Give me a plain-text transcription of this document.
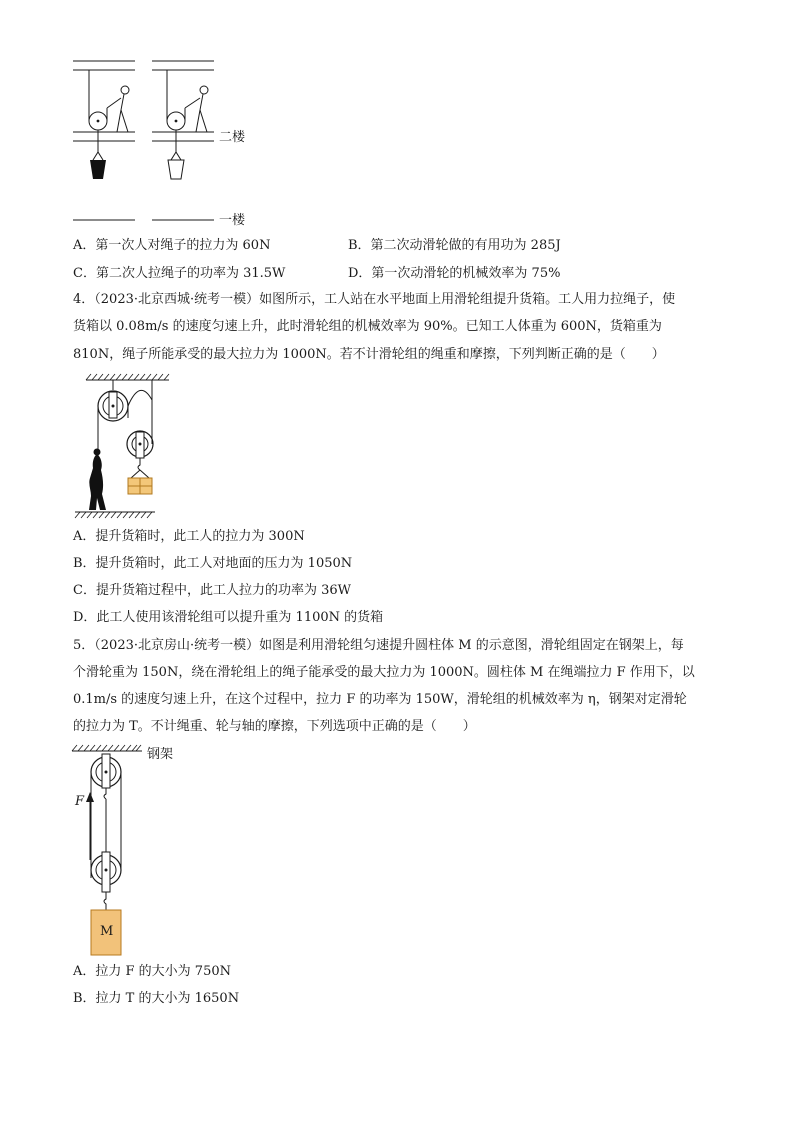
二楼
一楼
A．第一次人对绳子的拉力为 60N	B．第二次动滑轮做的有用功为 285J
C．第二次人拉绳子的功率为 31.5W	D．第一次动滑轮的机械效率为 75%
4．（2023·北京西城·统考一模）如图所示，工人站在水平地面上用滑轮组提升货箱。工人用力拉绳子，使
货箱以 0.08m/s 的速度匀速上升，此时滑轮组的机械效率为 90%。已知工人体重为 600N，货箱重为
810N，绳子所能承受的最大拉力为 1000N。若不计滑轮组的绳重和摩擦，下列判断正确的是（　　）
A．提升货箱时，此工人的拉力为 300N
B．提升货箱时，此工人对地面的压力为 1050N
C．提升货箱过程中，此工人拉力的功率为 36W
D．此工人使用该滑轮组可以提升重为 1100N 的货箱
5．（2023·北京房山·统考一模）如图是利用滑轮组匀速提升圆柱体 M 的示意图，滑轮组固定在钢架上，每
个滑轮重为 150N，绕在滑轮组上的绳子能承受的最大拉力为 1000N。圆柱体 M 在绳端拉力 F 作用下，以
0.1m/s 的速度匀速上升，在这个过程中，拉力 F 的功率为 150W，滑轮组的机械效率为 η，钢架对定滑轮
的拉力为 T。不计绳重、轮与轴的摩擦，下列选项中正确的是（　　）
钢架
F
M
A．拉力 F 的大小为 750N
B．拉力 T 的大小为 1650N
